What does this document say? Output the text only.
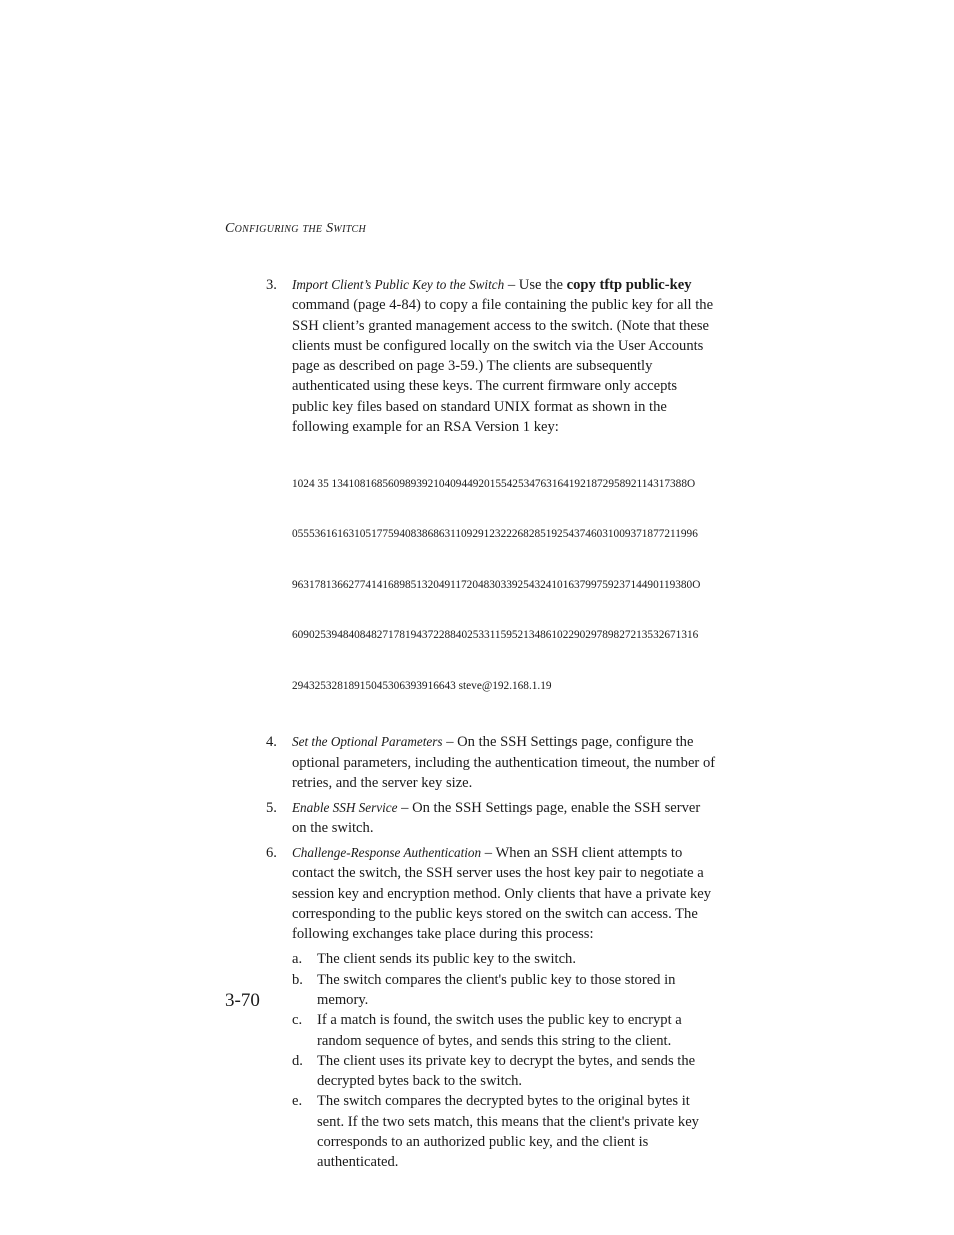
Configuring the Switch
3. Import Client’s Public Key to the Switch – Use the copy tftp public-key command (page 4-84) to copy a file containing the public key for all the SSH client’s granted management access to the switch. (Note that these clients must be configured locally on the switch via the User Accounts page as described on page 3-59.) The clients are subsequently authenticated using these keys. The current firmware only accepts public key files based on standard UNIX format as shown in the following example for an RSA Version 1 key:

1024 35 134108168560989392104094492015542534763164192187295892114317388O

0555361616310517759408386863110929123222682851925437460310093718772119​96

96317813662774141689851320491172048303392543241016379975923714490119380O

60902539484084827178194372288402533115952134861022902978982721353267131​6

2943253281891504530639391664​3 steve@192.168.1.19

4. Set the Optional Parameters – On the SSH Settings page, configure the optional parameters, including the authentication timeout, the number of retries, and the server key size.
5. Enable SSH Service – On the SSH Settings page, enable the SSH server on the switch.
6. Challenge-Response Authentication – When an SSH client attempts to contact the switch, the SSH server uses the host key pair to negotiate a session key and encryption method. Only clients that have a private key corresponding to the public keys stored on the switch can access. The following exchanges take place during this process:
a. The client sends its public key to the switch.
b. The switch compares the client's public key to those stored in memory.
c. If a match is found, the switch uses the public key to encrypt a random sequence of bytes, and sends this string to the client.
d. The client uses its private key to decrypt the bytes, and sends the decrypted bytes back to the switch.
e. The switch compares the decrypted bytes to the original bytes it sent. If the two sets match, this means that the client's private key corresponds to an authorized public key, and the client is authenticated.
3-70
